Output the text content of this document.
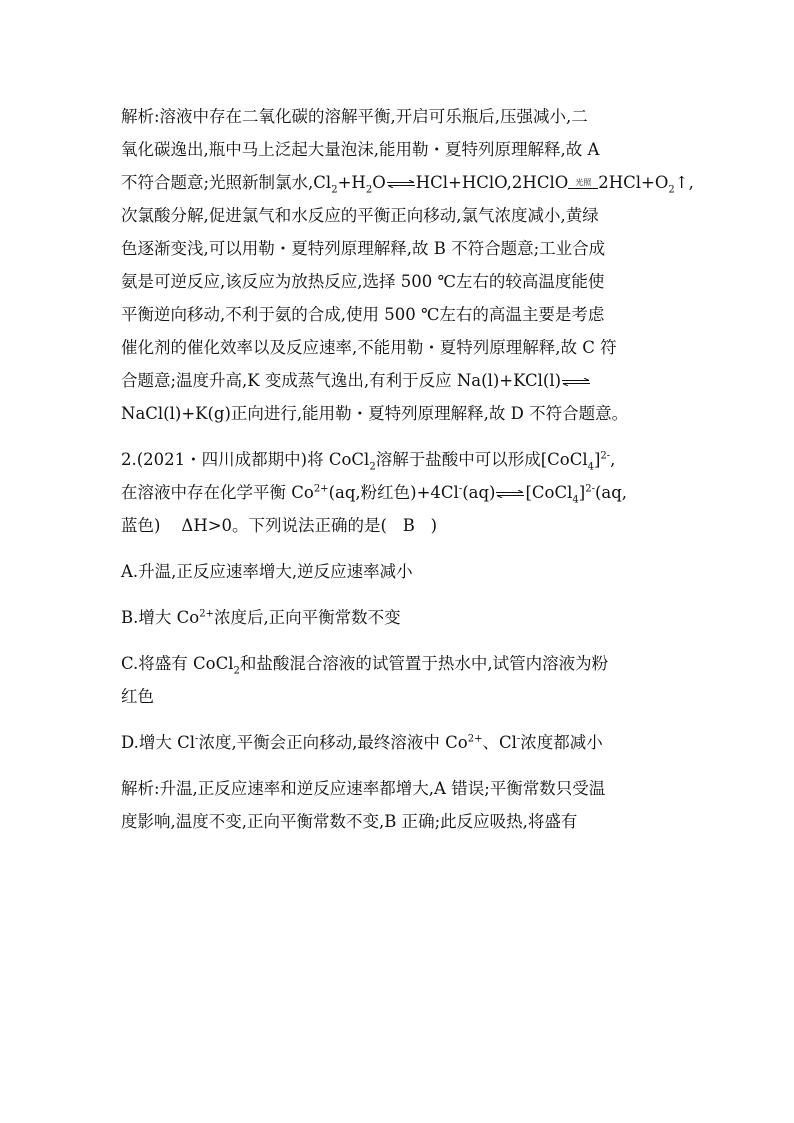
解析:溶液中存在二氧化碳的溶解平衡,开启可乐瓶后,压强减小,二
氧化碳逸出,瓶中马上泛起大量泡沫,能用勒・夏特列原理解释,故 A
不符合题意;光照新制氯水$,Cl_2+H_2O\rightleftharpoons HCl+HClO,2HClO$ 光照 $2HCl+O_2↑$,
次氯酸分解,促进氯气和水反应的平衡正向移动,氯气浓度减小,黄绿
色逐渐变浅,可以用勒・夏特列原理解释,故 B 不符合题意;工业合成
氨是可逆反应,该反应为放热反应,选择 500 ℃左右的较高温度能使
平衡逆向移动,不利于氨的合成,使用 500 ℃左右的高温主要是考虑
催化剂的催化效率以及反应速率,不能用勒・夏特列原理解释,故 C 符
合题意;温度升高,K 变成蒸气逸出,有利于反应 Na(l)+KCl(l)⇌
NaCl(l)+K(g)正向进行,能用勒・夏特列原理解释,故 D 不符合题意。
2.(2021・四川成都期中)将 CoCl$_2$溶解于盐酸中可以形成[CoCl$_4$]$^{2-}$,
在溶液中存在化学平衡 $Co^{2+}(aq$,粉红色)+4Cl-(aq)⇌[CoCl$_4$]$^{2-}$(aq,
蓝色)    ΔH>0。下列说法正确的是( B )
A.升温,正反应速率增大,逆反应速率减小
B.增大 $Co^{2+}$浓度后,正向平衡常数不变
C.将盛有 CoCl$_2$和盐酸混合溶液的试管置于热水中,试管内溶液为粉
红色
D.增大 Cl-浓度,平衡会正向移动,最终溶液中 $Co^{2+}$、Cl-浓度都减小
解析:升温,正反应速率和逆反应速率都增大,A 错误;平衡常数只受温
度影响,温度不变,正向平衡常数不变,B 正确;此反应吸热,将盛有
